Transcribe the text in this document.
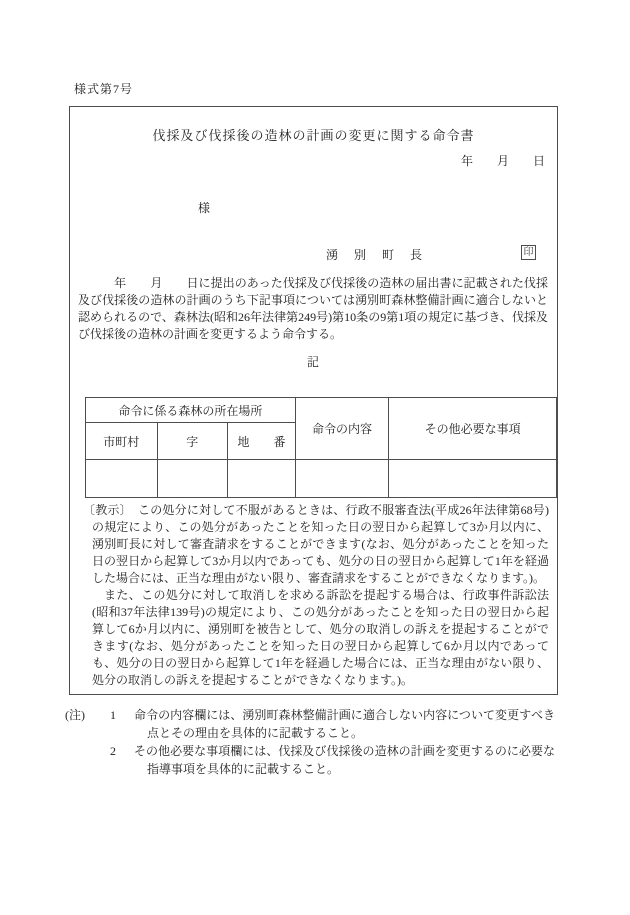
様式第7号
伐採及び伐採後の造林の計画の変更に関する命令書
年　　月　　日
様
湧　別　町　長	印

　　　年　　月　　日に提出のあった伐採及び伐採後の造林の届出書に記載された伐採及び伐採後の造林の計画のうち下記事項については湧別町森林整備計画に適合しないと認められるので、森林法(昭和26年法律第249号)第10条の9第1項の規定に基づき、伐採及び伐採後の造林の計画を変更するよう命令する。

記
命令に係る森林の所在場所			命令の内容	その他必要な事項
市町村	字	地　　番		

〔教示〕　この処分に対して不服があるときは、行政不服審査法(平成26年法律第68号)の規定により、この処分があったことを知った日の翌日から起算して3か月以内に、湧別町長に対して審査請求をすることができます(なお、処分があったことを知った日の翌日から起算して3か月以内であっても、処分の日の翌日から起算して1年を経過した場合には、正当な理由がない限り、審査請求をすることができなくなります。)。

また、この処分に対して取消しを求める訴訟を提起する場合は、行政事件訴訟法(昭和37年法律139号)の規定により、この処分があったことを知った日の翌日から起算して6か月以内に、湧別町を被告として、処分の取消しの訴えを提起することができます(なお、処分があったことを知った日の翌日から起算して6か月以内であっても、処分の日の翌日から起算して1年を経過した場合には、正当な理由がない限り、処分の取消しの訴えを提起することができなくなります。)。

(注) 1	命令の内容欄には、湧別町森林整備計画に適合しない内容について変更すべき点とその理由を具体的に記載すること。
2	その他必要な事項欄には、伐採及び伐採後の造林の計画を変更するのに必要な指導事項を具体的に記載すること。
